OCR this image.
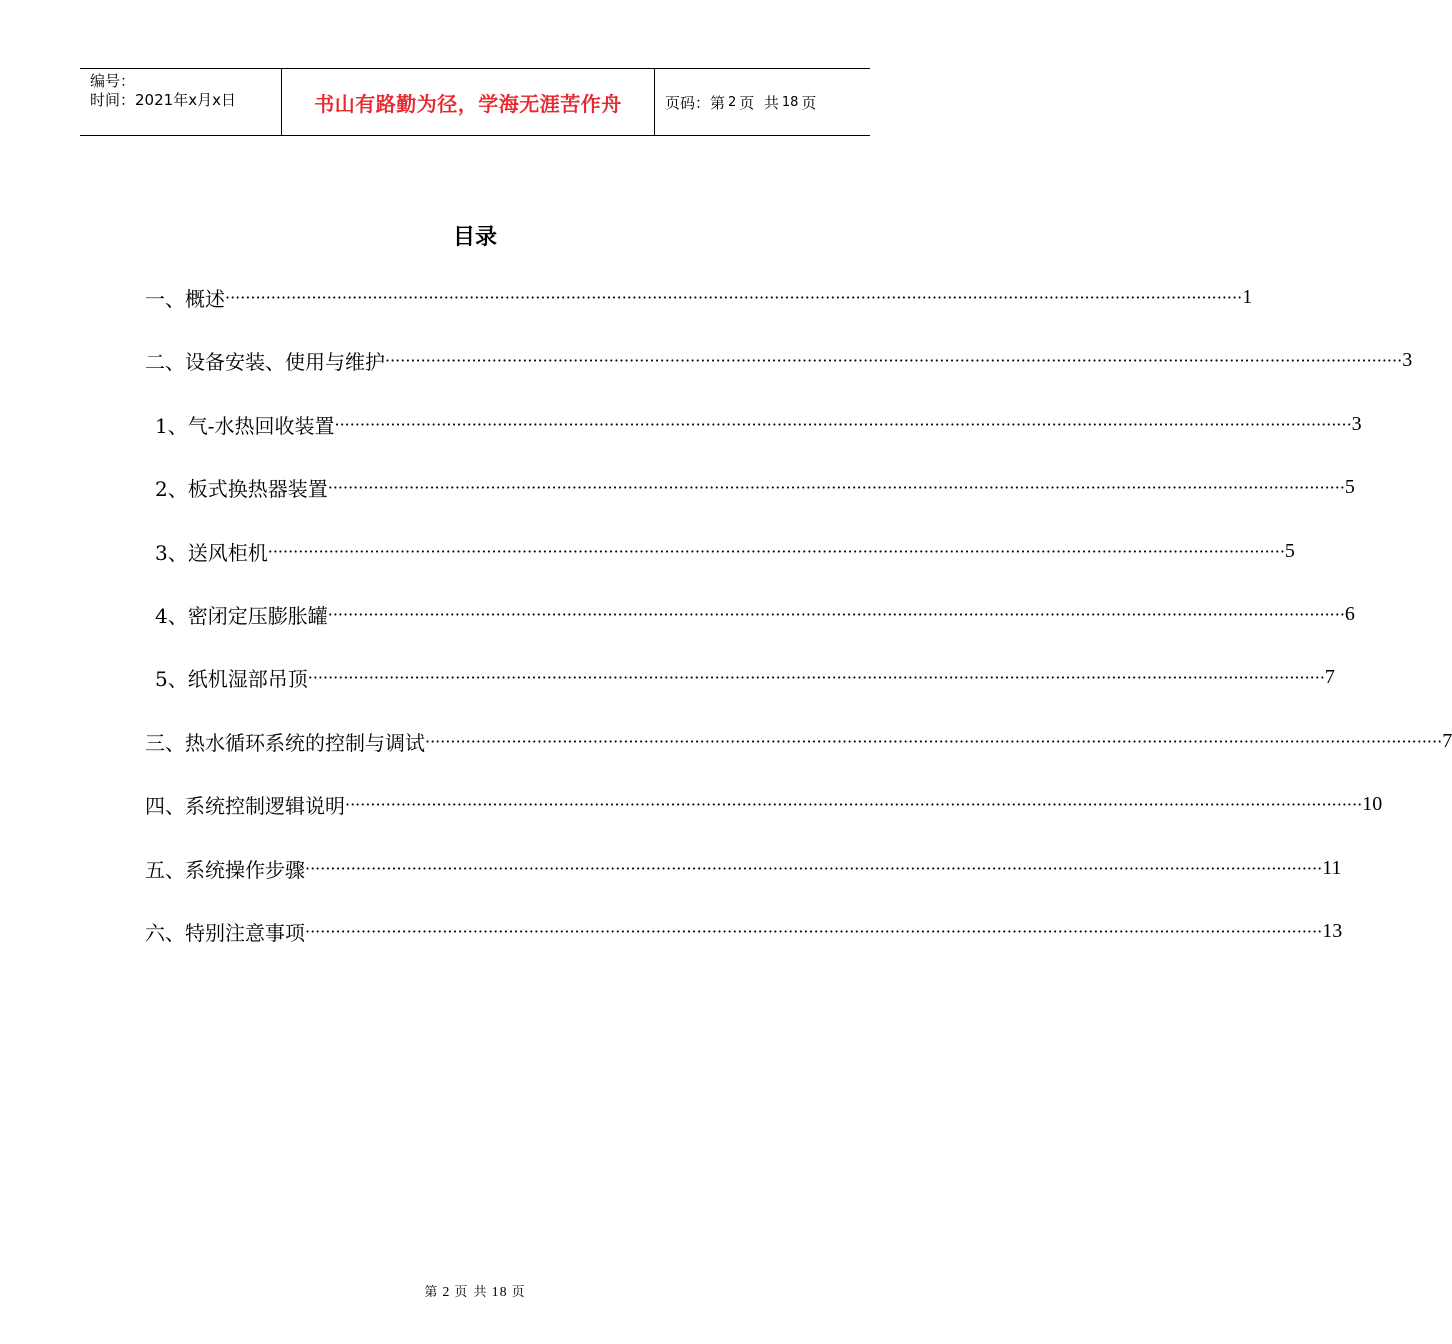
编号：
时间：2021年x月x日	书山有路勤为径，学海无涯苦作舟	页码：第 2 页  共 18 页
目录
一、概述 ········································································································································································································ 1
二、设备安装、使用与维护 ········································································································································································································ 3
1、气-水热回收装置 ········································································································································································································ 3
2、板式换热器装置 ········································································································································································································ 5
3、送风柜机 ········································································································································································································ 5
4、密闭定压膨胀罐 ········································································································································································································ 6
5、纸机湿部吊顶 ········································································································································································································ 7
三、热水循环系统的控制与调试 ········································································································································································································ 7
四、系统控制逻辑说明 ········································································································································································································ 10
五、系统操作步骤 ········································································································································································································ 11
六、特别注意事项 ········································································································································································································ 13
第 2 页 共 18 页
